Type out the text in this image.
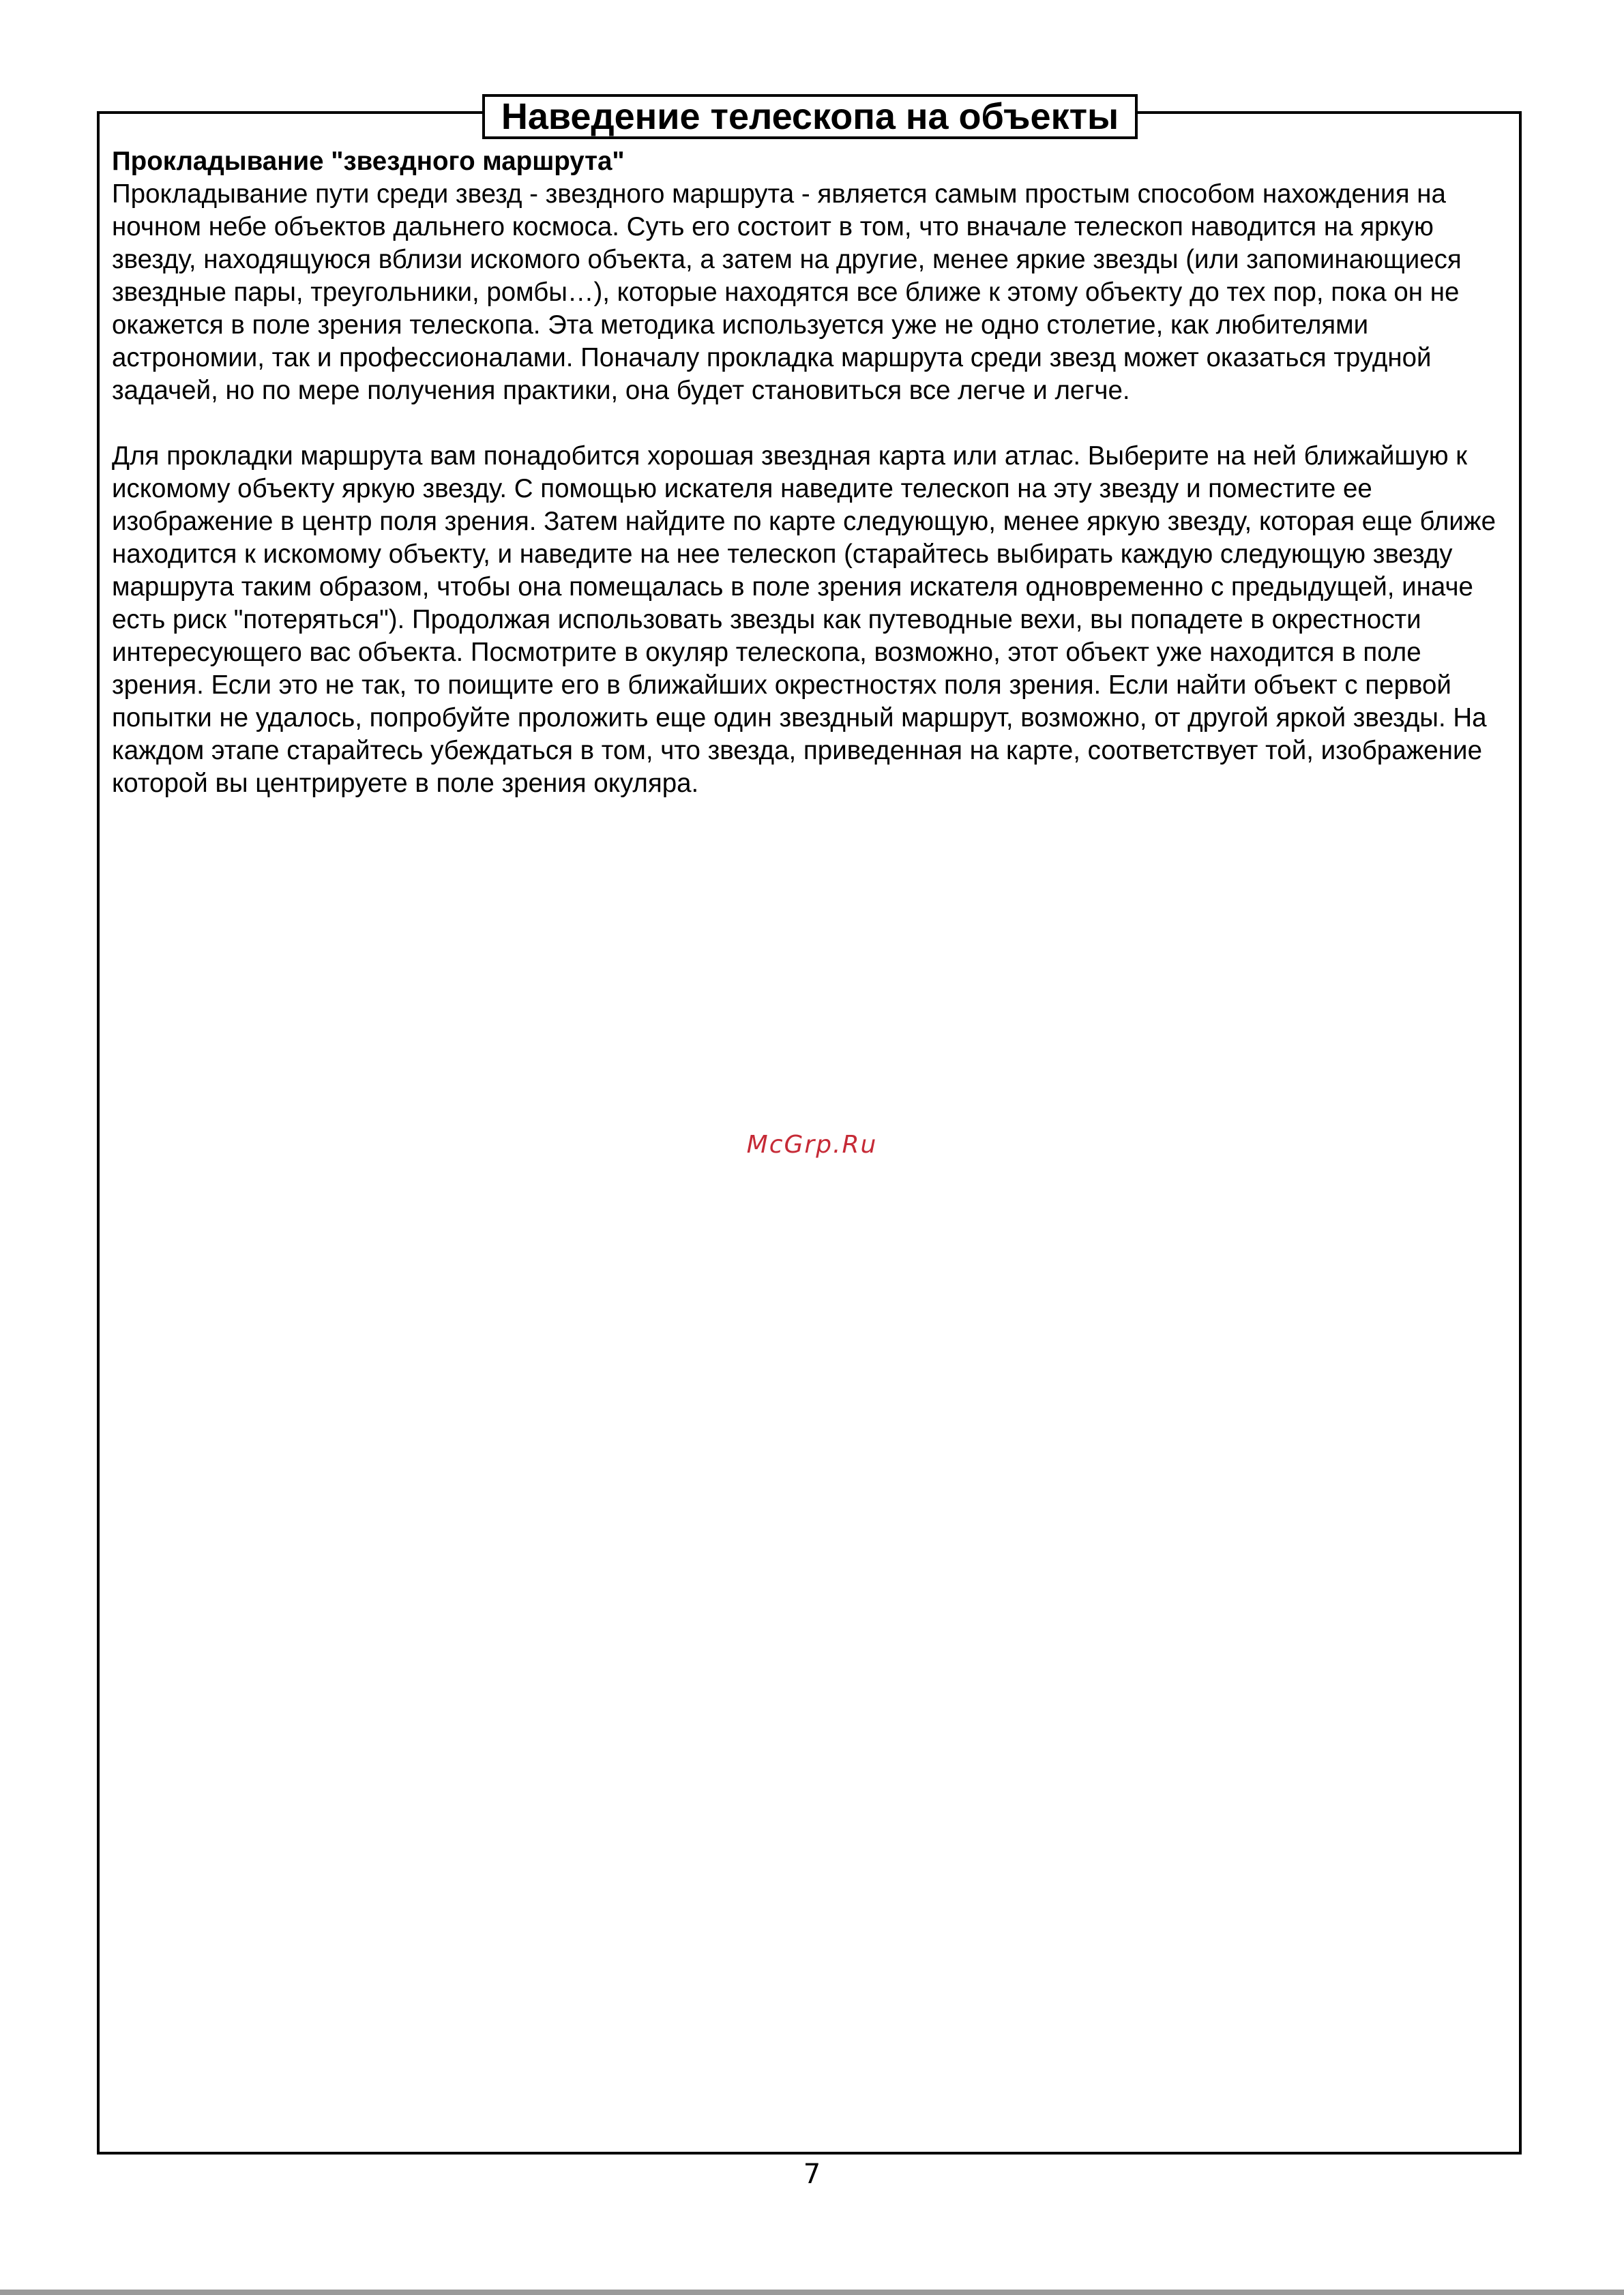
Наведение телескопа на объекты

Прокладывание "звездного маршрута"

Прокладывание пути среди звезд - звездного маршрута - является самым простым способом нахождения на ночном небе объектов дальнего космоса. Суть его состоит в том, что вначале телескоп наводится на яркую звезду, находящуюся вблизи искомого объекта, а затем на другие, менее яркие звезды (или запоминающиеся звездные пары, треугольники, ромбы…), которые находятся все ближе к этому объекту до тех пор, пока он не окажется в поле зрения телескопа. Эта методика используется уже не одно столетие, как любителями астрономии, так и профессионалами. Поначалу прокладка маршрута среди звезд может оказаться трудной задачей, но по мере получения практики, она будет становиться все легче и легче.

Для прокладки маршрута вам понадобится хорошая звездная карта или атлас. Выберите на ней ближайшую к искомому объекту яркую звезду. С помощью искателя наведите телескоп на эту звезду и поместите ее изображение в центр поля зрения. Затем найдите по карте следующую, менее яркую звезду, которая еще ближе находится к искомому объекту, и наведите на нее телескоп (старайтесь выбирать каждую следующую звезду маршрута таким образом, чтобы она помещалась в поле зрения искателя одновременно с предыдущей, иначе есть риск "потеряться"). Продолжая использовать звезды как путеводные вехи, вы попадете в окрестности интересующего вас объекта. Посмотрите в окуляр телескопа, возможно, этот объект уже находится в поле зрения. Если это не так, то поищите его в ближайших окрестностях поля зрения. Если найти объект с первой попытки не удалось, попробуйте проложить еще один звездный маршрут, возможно, от другой яркой звезды. На каждом этапе старайтесь убеждаться в том, что звезда, приведенная на карте, соответствует той, изображение которой вы центрируете в поле зрения окуляра.

McGrp.Ru
7
